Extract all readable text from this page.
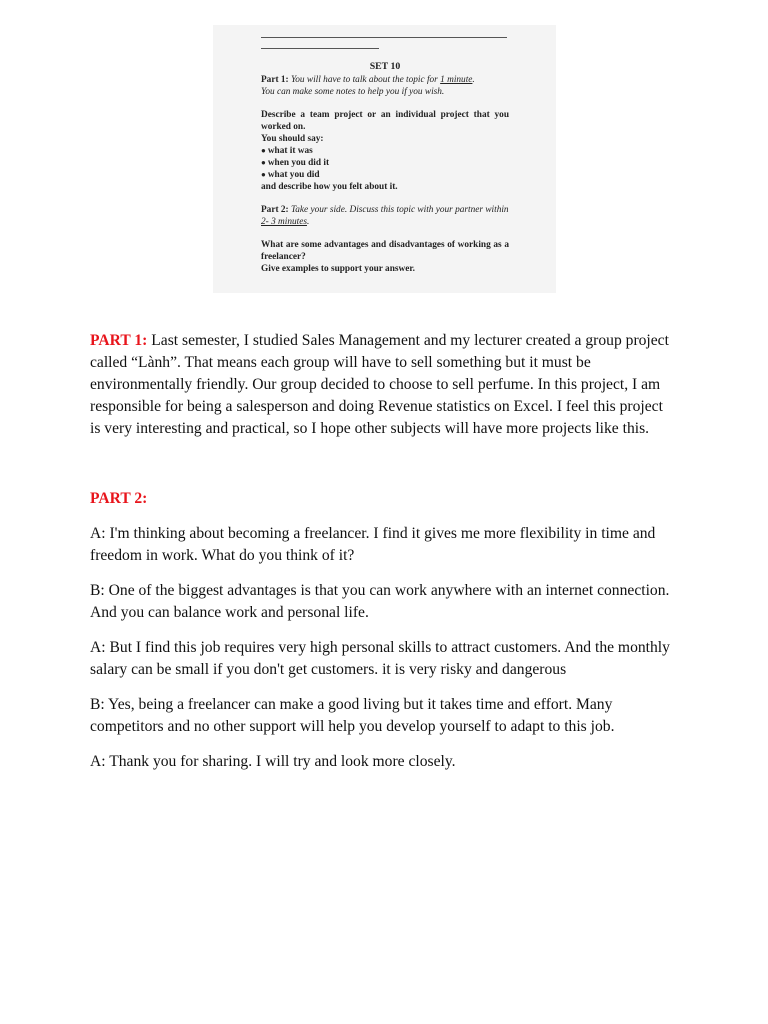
SET 10

Part 1: You will have to talk about the topic for 1 minute.

You can make some notes to help you if you wish.

Describe a team project or an individual project that you worked on.

You should say:

● what it was
● when you did it
● what you did

and describe how you felt about it.

Part 2: Take your side. Discuss this topic with your partner within 2- 3 minutes.

What are some advantages and disadvantages of working as a freelancer?

Give examples to support your answer.

PART 1: Last semester, I studied Sales Management and my lecturer created a group project called “Lành”. That means each group will have to sell something but it must be environmentally friendly. Our group decided to choose to sell perfume. In this project, I am responsible for being a salesperson and doing Revenue statistics on Excel. I feel this project is very interesting and practical, so I hope other subjects will have more projects like this.

PART 2:

A: I'm thinking about becoming a freelancer. I find it gives me more flexibility in time and freedom in work. What do you think of it?

B: One of the biggest advantages is that you can work anywhere with an internet connection. And you can balance work and personal life.

A: But I find this job requires very high personal skills to attract customers. And the monthly salary can be small if you don't get customers. it is very risky and dangerous

B: Yes, being a freelancer can make a good living but it takes time and effort. Many competitors and no other support will help you develop yourself to adapt to this job.

A: Thank you for sharing. I will try and look more closely.
